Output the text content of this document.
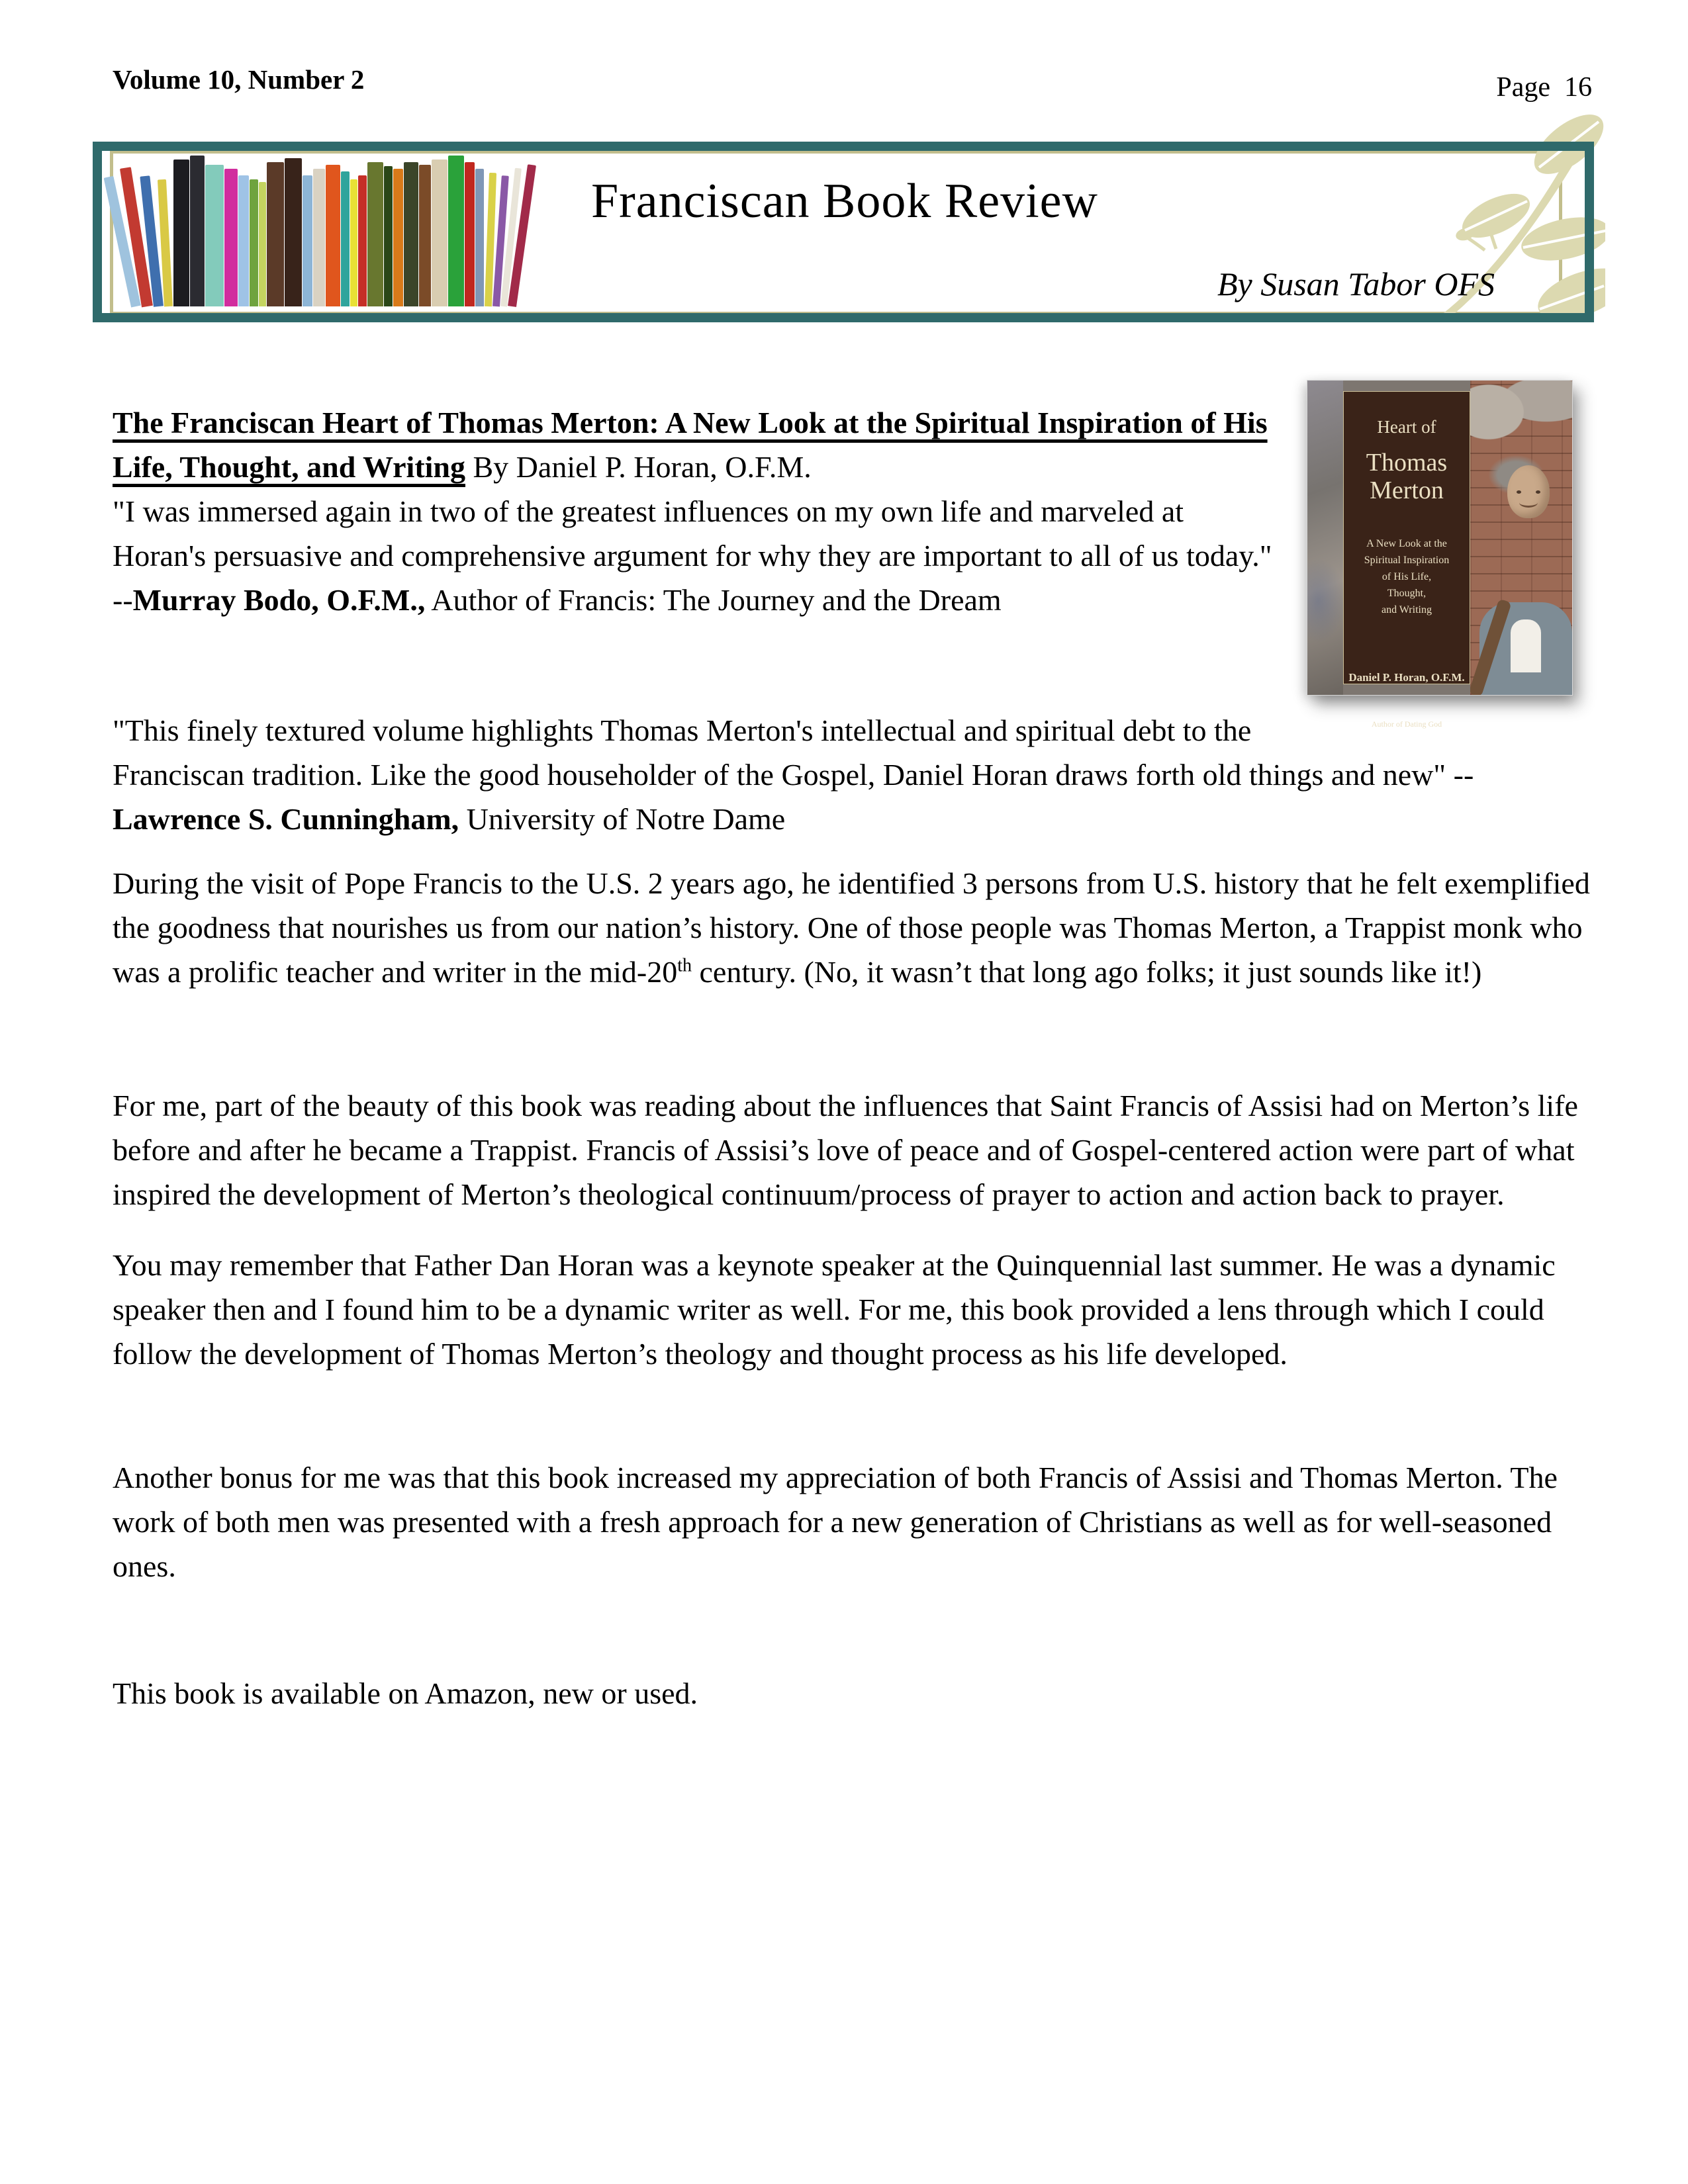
Volume 10, Number 2	Page  16
Franciscan Book Review
By Susan Tabor OFS
Heart of
Thomas
Merton
A New Look at the
Spiritual Inspiration
of His Life,
Thought,
and Writing
Daniel P. Horan, O.F.M.
Author of Dating God

The Franciscan Heart of Thomas Merton: A New Look at the Spiritual Inspiration of His Life, Thought, and Writing By Daniel P. Horan, O.F.M.

"I was immersed again in two of the greatest influences on my own life and marveled at Horan's persuasive and comprehensive argument for why they are important to all of us today." --Murray Bodo, O.F.M., Author of Francis: The Journey and the Dream

"This finely textured volume highlights Thomas Merton's intellectual and spiritual debt to the Franciscan tradition. Like the good householder of the Gospel, Daniel Horan draws forth old things and new" -- Lawrence S. Cunningham, University of Notre Dame

During the visit of Pope Francis to the U.S. 2 years ago, he identified 3 persons from U.S. history that he felt exemplified the goodness that nourishes us from our nation’s history. One of those people was Thomas Merton, a Trappist monk who was a prolific teacher and writer in the mid-20th century. (No, it wasn’t that long ago folks; it just sounds like it!)

For me, part of the beauty of this book was reading about the influences that Saint Francis of Assisi had on Merton’s life before and after he became a Trappist. Francis of Assisi’s love of peace and of Gospel-centered action were part of what inspired the development of Merton’s theological continuum/process of prayer to action and action back to prayer.

You may remember that Father Dan Horan was a keynote speaker at the Quinquennial last summer. He was a dynamic speaker then and I found him to be a dynamic writer as well. For me, this book provided a lens through which I could follow the development of Thomas Merton’s theology and thought process as his life developed.

Another bonus for me was that this book increased my appreciation of both Francis of Assisi and Thomas Merton. The work of both men was presented with a fresh approach for a new generation of Christians as well as for well-seasoned ones.

This book is available on Amazon, new or used.
